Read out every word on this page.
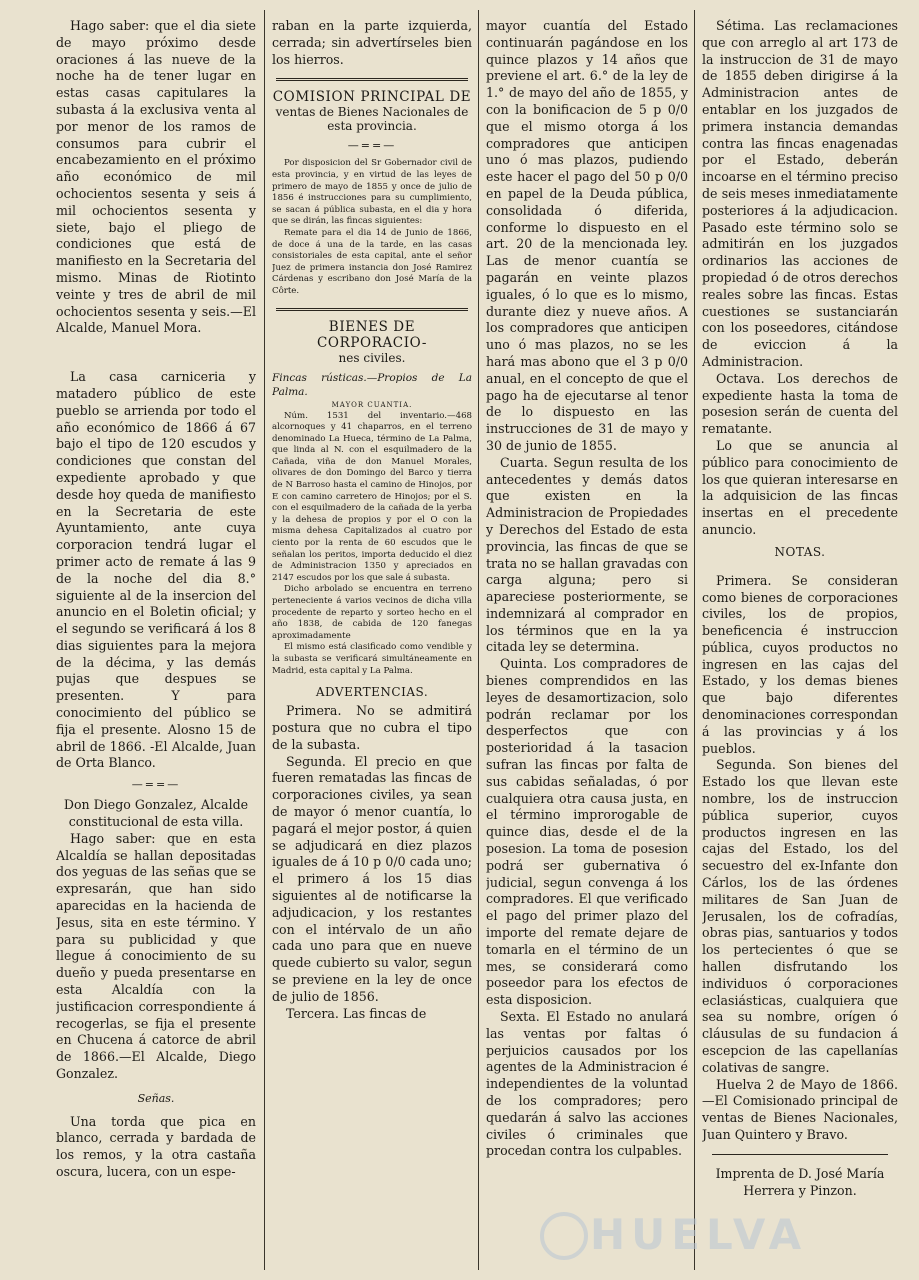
Hago saber: que el dia siete de mayo próximo desde oraciones á las nueve de la noche ha de tener lugar en estas casas capitulares la subasta á la exclusiva venta al por menor de los ramos de consumos para cubrir el encabezamiento en el próximo año económico de mil ochocientos sesenta y seis á mil ochocientos sesenta y siete, bajo el pliego de condiciones que está de manifiesto en la Secretaria del mismo. Minas de Riotinto veinte y tres de abril de mil ochocientos sesenta y seis.—El Alcalde, Manuel Mora.

La casa carniceria y matadero público de este pueblo se arrienda por todo el año económico de 1866 á 67 bajo el tipo de 120 escudos y condiciones que constan del expediente aprobado y que desde hoy queda de manifiesto en la Secretaria de este Ayuntamiento, ante cuya corporacion tendrá lugar el primer acto de remate á las 9 de la noche del dia 8.° siguiente al de la insercion del anuncio en el Boletin oficial; y el segundo se verificará á los 8 dias siguientes para la mejora de la décima, y las demás pujas que despues se presenten. Y para conocimiento del público se fija el presente. Alosno 15 de abril de 1866. -El Alcalde, Juan de Orta Blanco.

—==—

Don Diego Gonzalez, Alcalde constitucional de esta villa.

Hago saber: que en esta Alcaldía se hallan depositadas dos yeguas de las señas que se expresarán, que han sido aparecidas en la hacienda de Jesus, sita en este término. Y para su publicidad y que llegue á conocimiento de su dueño y pueda presentarse en esta Alcaldía con la justificacion correspondiente á recogerlas, se fija el presente en Chucena á catorce de abril de 1866.—El Alcalde, Diego Gonzalez.

Señas.

Una torda que pica en blanco, cerrada y bardada de los remos, y la otra castaña oscura, lucera, con un espe-

raban en la parte izquierda, cerrada; sin advertírseles bien los hierros.

COMISION PRINCIPAL DE
ventas de Bienes Nacionales de esta provincia.
—==—

Por disposicion del Sr Gobernador civil de esta provincia, y en virtud de las leyes de primero de mayo de 1855 y once de julio de 1856 é instrucciones para su cumplimiento, se sacan á pública subasta, en el dia y hora que se dirán, las fincas siguientes:

Remate para el dia 14 de Junio de 1866, de doce á una de la tarde, en las casas consistoriales de esta capital, ante el señor Juez de primera instancia don José Ramirez Cárdenas y escribano don José María de la Côrte.

BIENES DE CORPORACIO-
nes civiles.

Fincas rústicas.—Propios de La Palma.

MAYOR CUANTIA.

Núm. 1531 del inventario.—468 alcornoques y 41 chaparros, en el terreno denominado La Hueca, término de La Palma, que linda al N. con el esquilmadero de la Cañada, viña de don Manuel Morales, olivares de don Domingo del Barco y tierra de N Barroso hasta el camino de Hinojos, por E con camino carretero de Hinojos; por el S. con el esquilmadero de la cañada de la yerba y la dehesa de propios y por el O con la misma dehesa Capitalizados al cuatro por ciento por la renta de 60 escudos que le señalan los peritos, importa deducido el diez de Administracion 1350 y apreciados en 2147 escudos por los que sale á subasta.

Dicho arbolado se encuentra en terreno perteneciente á varios vecinos de dicha villa procedente de reparto y sorteo hecho en el año 1838, de cabida de 120 fanegas aproximadamente

El mismo está clasificado como vendible y la subasta se verificará simultáneamente en Madrid, esta capital y La Palma.

ADVERTENCIAS.

Primera. No se admitirá postura que no cubra el tipo de la subasta.

Segunda. El precio en que fueren rematadas las fincas de corporaciones civiles, ya sean de mayor ó menor cuantía, lo pagará el mejor postor, á quien se adjudicará en diez plazos iguales de á 10 p 0/0 cada uno; el primero á los 15 dias siguientes al de notificarse la adjudicacion, y los restantes con el intérvalo de un año cada uno para que en nueve quede cubierto su valor, segun se previene en la ley de once de julio de 1856.

Tercera. Las fincas de

mayor cuantía del Estado continuarán pagándose en los quince plazos y 14 años que previene el art. 6.° de la ley de 1.° de mayo del año de 1855, y con la bonificacion de 5 p 0/0 que el mismo otorga á los compradores que anticipen uno ó mas plazos, pudiendo este hacer el pago del 50 p 0/0 en papel de la Deuda pública, consolidada ó diferida, conforme lo dispuesto en el art. 20 de la mencionada ley. Las de menor cuantía se pagarán en veinte plazos iguales, ó lo que es lo mismo, durante diez y nueve años. A los compradores que anticipen uno ó mas plazos, no se les hará mas abono que el 3 p 0/0 anual, en el concepto de que el pago ha de ejecutarse al tenor de lo dispuesto en las instrucciones de 31 de mayo y 30 de junio de 1855.

Cuarta. Segun resulta de los antecedentes y demás datos que existen en la Administracion de Propiedades y Derechos del Estado de esta provincia, las fincas de que se trata no se hallan gravadas con carga alguna; pero si apareciese posteriormente, se indemnizará al comprador en los términos que en la ya citada ley se determina.

Quinta. Los compradores de bienes comprendidos en las leyes de desamortizacion, solo podrán reclamar por los desperfectos que con posterioridad á la tasacion sufran las fincas por falta de sus cabidas señaladas, ó por cualquiera otra causa justa, en el término improrogable de quince dias, desde el de la posesion. La toma de posesion podrá ser gubernativa ó judicial, segun convenga á los compradores. El que verificado el pago del primer plazo del importe del remate dejare de tomarla en el término de un mes, se considerará como poseedor para los efectos de esta disposicion.

Sexta. El Estado no anulará las ventas por faltas ó perjuicios causados por los agentes de la Administracion é independientes de la voluntad de los compradores; pero quedarán á salvo las acciones civiles ó criminales que procedan contra los culpables.

Sétima. Las reclamaciones que con arreglo al art 173 de la instruccion de 31 de mayo de 1855 deben dirigirse á la Administracion antes de entablar en los juzgados de primera instancia demandas contra las fincas enagenadas por el Estado, deberán incoarse en el término preciso de seis meses inmediatamente posteriores á la adjudicacion. Pasado este término solo se admitirán en los juzgados ordinarios las acciones de propiedad ó de otros derechos reales sobre las fincas. Estas cuestiones se sustanciarán con los poseedores, citándose de eviccion á la Administracion.

Octava. Los derechos de expediente hasta la toma de posesion serán de cuenta del rematante.

Lo que se anuncia al público para conocimiento de los que quieran interesarse en la adquisicion de las fincas insertas en el precedente anuncio.

NOTAS.

Primera. Se consideran como bienes de corporaciones civiles, los de propios, beneficencia é instruccion pública, cuyos productos no ingresen en las cajas del Estado, y los demas bienes que bajo diferentes denominaciones correspondan á las provincias y á los pueblos.

Segunda. Son bienes del Estado los que llevan este nombre, los de instruccion pública superior, cuyos productos ingresen en las cajas del Estado, los del secuestro del ex-Infante don Cárlos, los de las órdenes militares de San Juan de Jerusalen, los de cofradías, obras pias, santuarios y todos los pertecientes ó que se hallen disfrutando los individuos ó corporaciones eclasiásticas, cualquiera que sea su nombre, orígen ó cláusulas de su fundacion á escepcion de las capellanías colativas de sangre.

Huelva 2 de Mayo de 1866.—El Comisionado principal de ventas de Bienes Nacionales, Juan Quintero y Bravo.

Imprenta de D. José María
Herrera y Pinzon.
HUELVA
